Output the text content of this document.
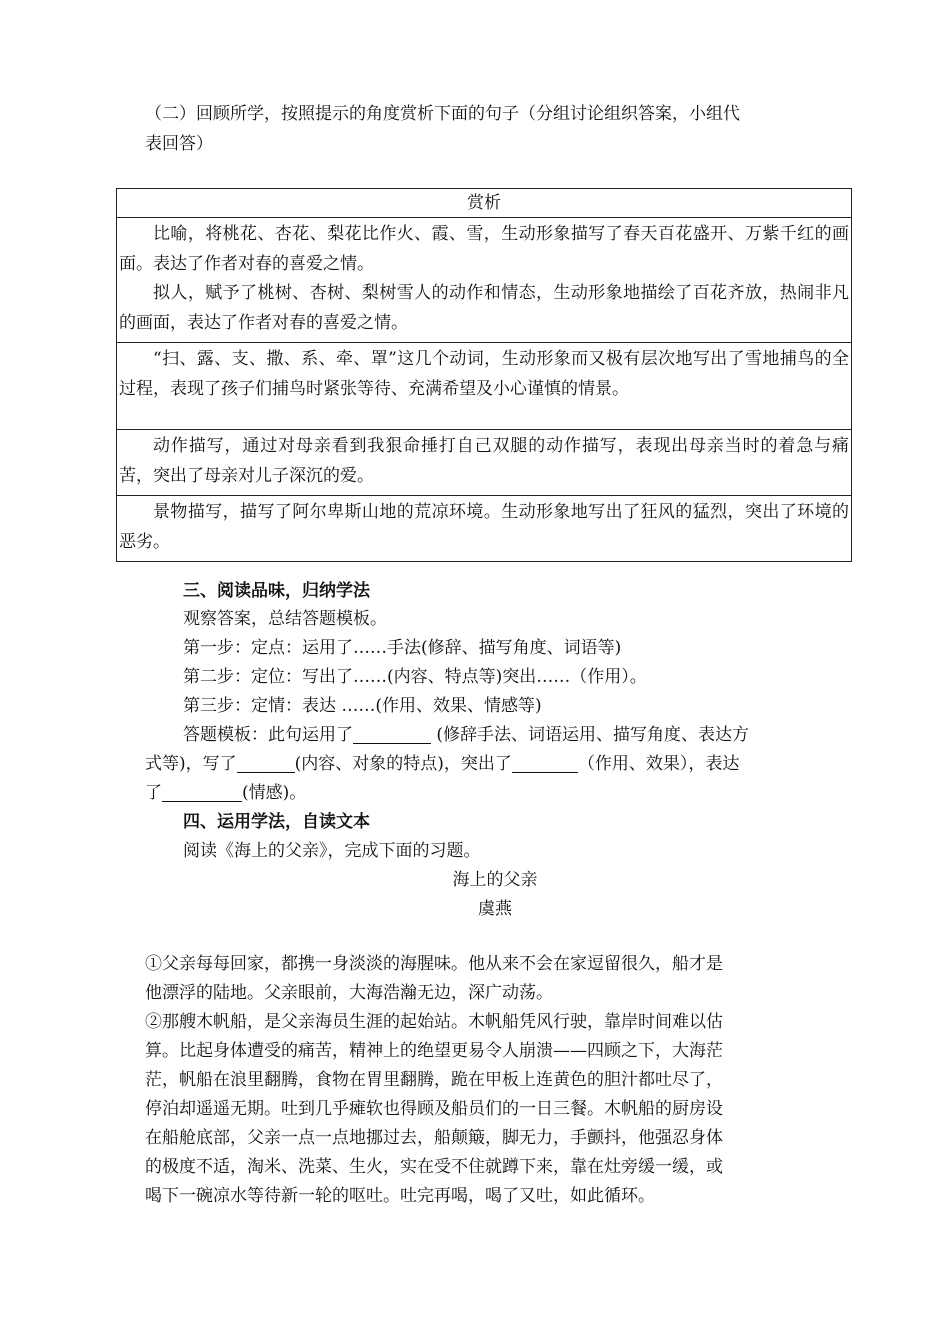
（二）回顾所学，按照提示的角度赏析下面的句子（分组讨论组织答案，小组代
表回答）
赏析

比喻，将桃花、杏花、梨花比作火、霞、雪，生动形象描写了春天百花盛开、万紫千红的画面。表达了作者对春的喜爱之情。
拟人，赋予了桃树、杏树、梨树雪人的动作和情态，生动形象地描绘了百花齐放，热闹非凡的画面，表达了作者对春的喜爱之情。

“扫、露、支、撒、系、牵、罩”这几个动词，生动形象而又极有层次地写出了雪地捕鸟的全过程，表现了孩子们捕鸟时紧张等待、充满希望及小心谨慎的情景。

动作描写，通过对母亲看到我狠命捶打自己双腿的动作描写，表现出母亲当时的着急与痛苦，突出了母亲对儿子深沉的爱。

景物描写，描写了阿尔卑斯山地的荒凉环境。生动形象地写出了狂风的猛烈，突出了环境的恶劣。
三、阅读品味，归纳学法
观察答案，总结答题模板。
第一步：定点：运用了……手法(修辞、描写角度、词语等)
第二步：定位：写出了……(内容、特点等)突出……（作用）。
第三步：定情：表达 ……(作用、效果、情感等)
答题模板：此句运用了	(修辞手法、词语运用、描写角度、表达方
式等)，写了	(内容、对象的特点)，突出了	（作用、效果），表达
了	(情感)。
四、运用学法，自读文本
阅读《海上的父亲》，完成下面的习题。
海上的父亲
虞燕
①父亲每每回家，都携一身淡淡的海腥味。他从来不会在家逗留很久，船才是
他漂浮的陆地。父亲眼前，大海浩瀚无边，深广动荡。
②那艘木帆船，是父亲海员生涯的起始站。木帆船凭风行驶，靠岸时间难以估
算。比起身体遭受的痛苦，精神上的绝望更易令人崩溃——四顾之下，大海茫
茫，帆船在浪里翻腾，食物在胃里翻腾，跪在甲板上连黄色的胆汁都吐尽了，
停泊却遥遥无期。吐到几乎瘫软也得顾及船员们的一日三餐。木帆船的厨房设
在船舱底部，父亲一点一点地挪过去，船颠簸，脚无力，手颤抖，他强忍身体
的极度不适，淘米、洗菜、生火，实在受不住就蹲下来，靠在灶旁缓一缓，或
喝下一碗凉水等待新一轮的呕吐。吐完再喝，喝了又吐，如此循环。
